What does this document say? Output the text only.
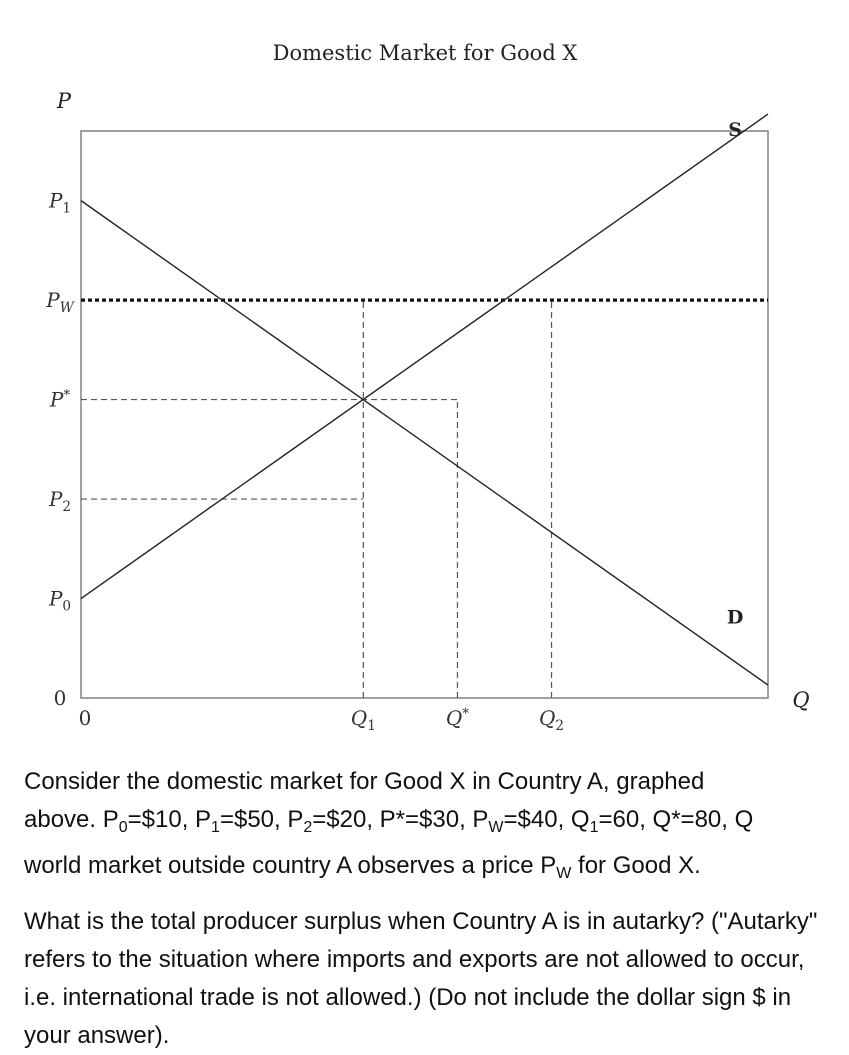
Domestic Market for Good X
P
Q
S
D
$P_1$
$P_W$
P*
$P_2$
$P_0$
0
0	$Q_1$	Q*	$Q_2$
Consider the domestic market for Good X in Country A, graphed
above. $P_0=\$10$, $P_1=\$50$, $P_2=\$20$, P*=$30, $P_W=\$40$, $Q_1=60$, Q*=80, Q
world market outside country A observes a price $P_W$ for Good X.
What is the total producer surplus when Country A is in autarky? ("Autarky" refers to the situation where imports and exports are not allowed to occur, i.e. international trade is not allowed.) (Do not include the dollar sign $ in your answer).
